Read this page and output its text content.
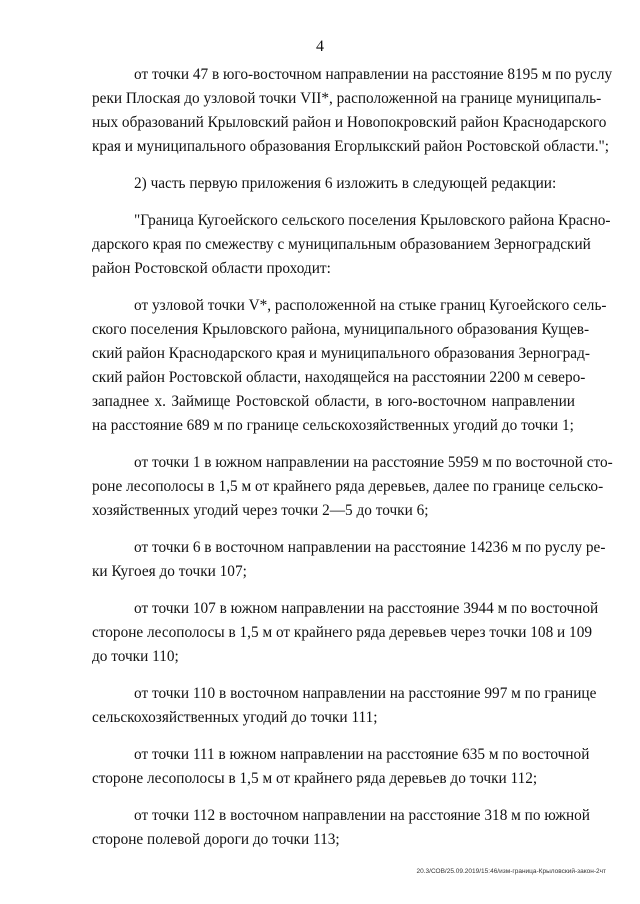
4
от точки 47 в юго-восточном направлении на расстояние 8195 м по руслу
реки Плоская до узловой точки VII*, расположенной на границе муниципаль-
ных образований Крыловский район и Новопокровский район Краснодарского
края и муниципального образования Егорлыкский район Ростовской области.";
2) часть первую приложения 6 изложить в следующей редакции:
"Граница Кугоейского сельского поселения Крыловского района Красно-
дарского края по смежеству с муниципальным образованием Зерноградский
район Ростовской области проходит:
от узловой точки V*, расположенной на стыке границ Кугоейского сель-
ского поселения Крыловского района, муниципального образования Кущев-
ский район Краснодарского края и муниципального образования Зерноград-
ский район Ростовской области, находящейся на расстоянии 2200 м северо-
западнее х. Займище Ростовской области, в юго-восточном направлении
на расстояние 689 м по границе сельскохозяйственных угодий до точки 1;
от точки 1 в южном направлении на расстояние 5959 м по восточной сто-
роне лесополосы в 1,5 м от крайнего ряда деревьев, далее по границе сельско-
хозяйственных угодий через точки 2—5 до точки 6;
от точки 6 в восточном направлении на расстояние 14236 м по руслу ре-
ки Кугоея до точки 107;
от точки 107 в южном направлении на расстояние 3944 м по восточной
стороне лесополосы в 1,5 м от крайнего ряда деревьев через точки 108 и 109
до точки 110;
от точки 110 в восточном направлении на расстояние 997 м по границе
сельскохозяйственных угодий до точки 111;
от точки 111 в южном направлении на расстояние 635 м по восточной
стороне лесополосы в 1,5 м от крайнего ряда деревьев до точки 112;
от точки 112 в восточном направлении на расстояние 318 м по южной
стороне полевой дороги до точки 113;
20.3/СОВ/25.09.2019/15:46/изм-граница-Крыловский-закон-2чт
